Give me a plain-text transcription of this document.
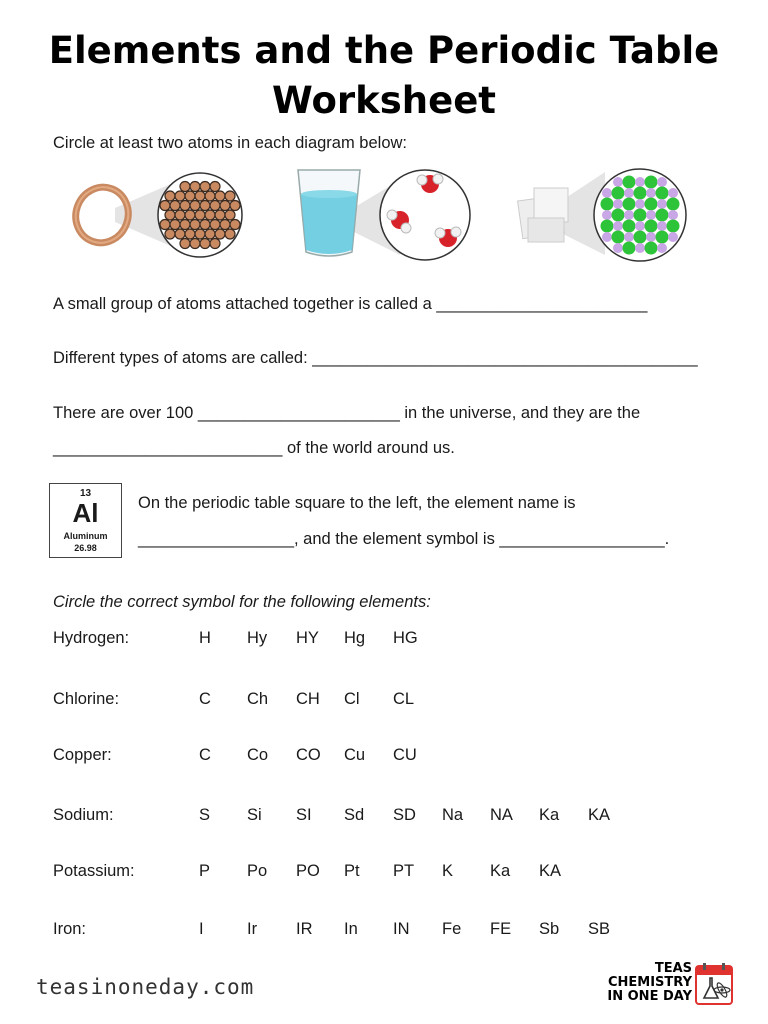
Elements and the Periodic Table
Worksheet
Circle at least two atoms in each diagram below:
A small group of atoms attached together is called a _______________________
Different types of atoms are called: __________________________________________
There are over 100 ______________________ in the universe, and they are the
_________________________ of the world around us.
13
Al
Aluminum
26.98
On the periodic table square to the left, the element name is
_________________, and the element symbol is __________________.
Circle the correct symbol for the following elements:
Hydrogen:	H Hy HY Hg HG
Chlorine:	C Ch CH Cl CL
Copper:	C Co CO Cu CU
Sodium:	S Si SI Sd SD Na NA Ka KA
Potassium:	P Po PO Pt PT K Ka KA
Iron:	I	Ir IR In IN Fe FE Sb SB
teasinoneday.com
TEAS
CHEMISTRY
IN ONE DAY
